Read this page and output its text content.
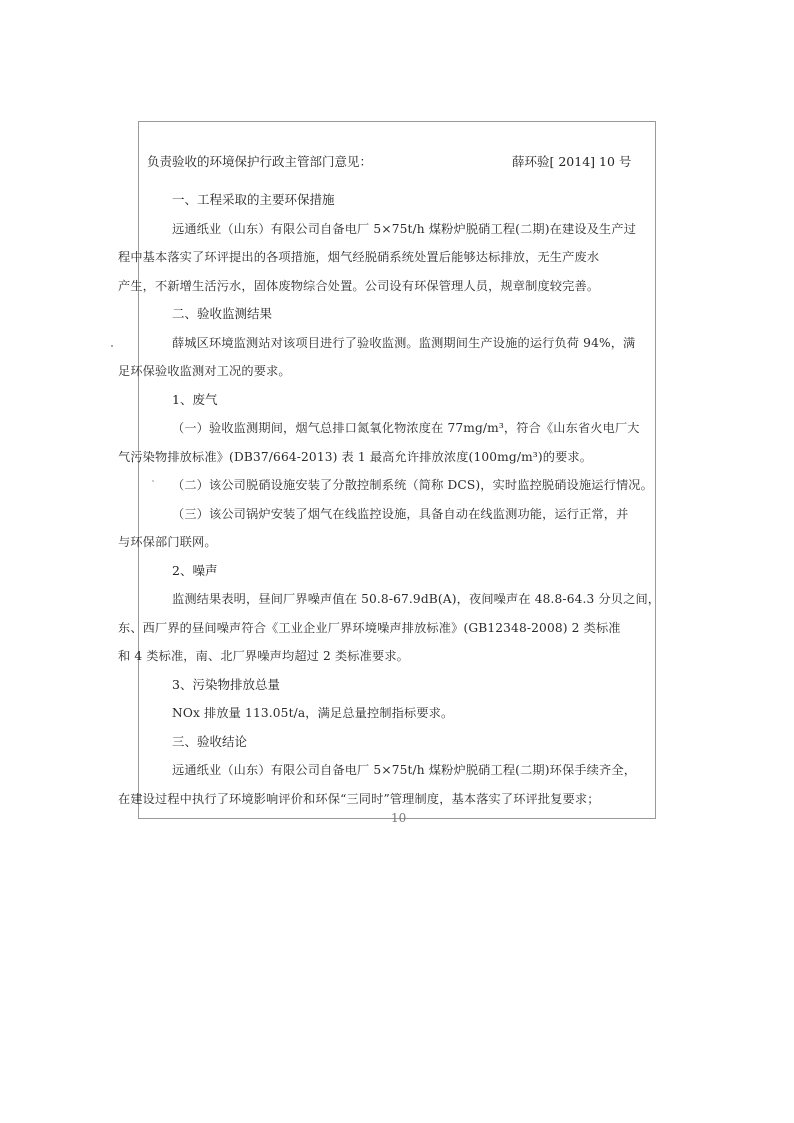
负责验收的环境保护行政主管部门意见：	薛环验[ 2014] 10 号

一、工程采取的主要环保措施

远通纸业（山东）有限公司自备电厂 5×75t/h 煤粉炉脱硝工程(二期)在建设及生产过
程中基本落实了环评提出的各项措施，烟气经脱硝系统处置后能够达标排放，无生产废水
产生，不新增生活污水，固体废物综合处置。公司设有环保管理人员，规章制度较完善。

二、验收监测结果

薛城区环境监测站对该项目进行了验收监测。监测期间生产设施的运行负荷 94%，满
足环保验收监测对工况的要求。

1、废气

（一）验收监测期间，烟气总排口氮氧化物浓度在 77mg/m³，符合《山东省火电厂大
气污染物排放标准》(DB37/664-2013) 表 1 最高允许排放浓度(100mg/m³)的要求。

（二）该公司脱硝设施安装了分散控制系统（简称 DCS)，实时监控脱硝设施运行情况。

（三）该公司锅炉安装了烟气在线监控设施，具备自动在线监测功能，运行正常，并
与环保部门联网。

2、噪声

监测结果表明，昼间厂界噪声值在 50.8-67.9dB(A)，夜间噪声在 48.8-64.3 分贝之间，
东、西厂界的昼间噪声符合《工业企业厂界环境噪声排放标准》(GB12348-2008) 2 类标准
和 4 类标准，南、北厂界噪声均超过 2 类标准要求。

3、污染物排放总量

NOx 排放量 113.05t/a，满足总量控制指标要求。

三、验收结论

远通纸业（山东）有限公司自备电厂 5×75t/h 煤粉炉脱硝工程(二期)环保手续齐全，
在建设过程中执行了环境影响评价和环保“三同时”管理制度，基本落实了环评批复要求；

10
